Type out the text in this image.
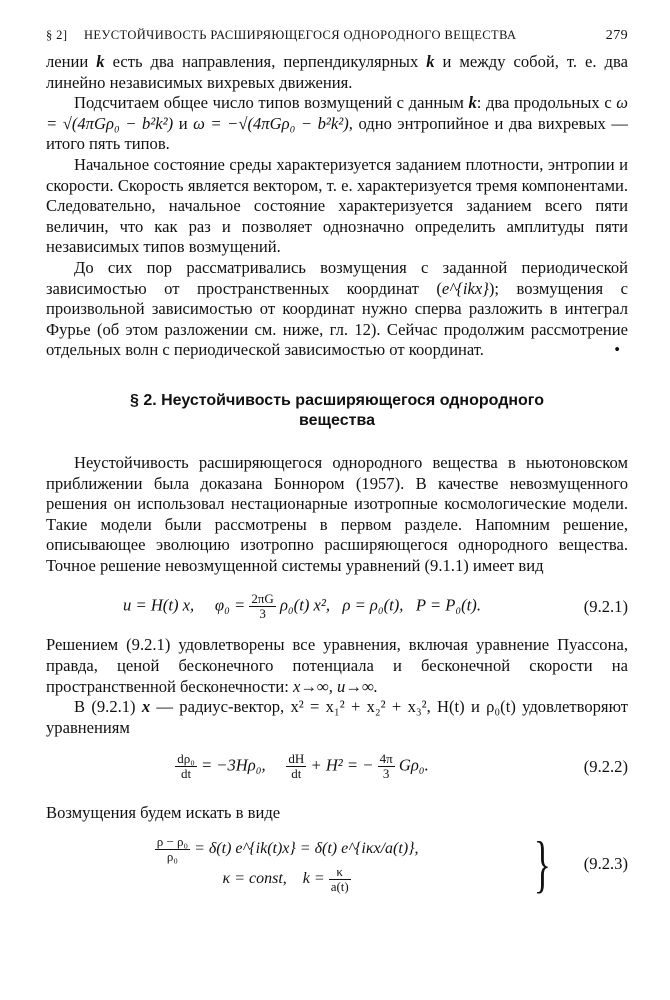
§ 2]	НЕУСТОЙЧИВОСТЬ РАСШИРЯЮЩЕГОСЯ ОДНОРОДНОГО ВЕЩЕСТВА	279

лении k есть два направления, перпендикулярных k и между собой, т. е. два линейно независимых вихревых движения.

Подсчитаем общее число типов возмущений с данным k: два продольных с ω = √(4πGρ₀ − b²k²) и ω = −√(4πGρ₀ − b²k²), одно энтропийное и два вихревых — итого пять типов.

Начальное состояние среды характеризуется заданием плотности, энтропии и скорости. Скорость является вектором, т. е. характеризуется тремя компонентами. Следовательно, начальное состояние характеризуется заданием всего пяти величин, что как раз и позволяет однозначно определить амплитуды пяти независимых типов возмущений.

До сих пор рассматривались возмущения с заданной периодической зависимостью от пространственных координат (e^{ikx}); возмущения с произвольной зависимостью от координат нужно сперва разложить в интеграл Фурье (об этом разложении см. ниже, гл. 12). Сейчас продолжим рассмотрение отдельных волн с периодической зависимостью от координат.	•

§ 2. Неустойчивость расширяющегося однородного
вещества

Неустойчивость расширяющегося однородного вещества в ньютоновском приближении была доказана Боннором (1957). В качестве невозмущенного решения он использовал нестационарные изотропные космологические модели. Такие модели были рассмотрены в первом разделе. Напомним решение, описывающее эволюцию изотропно расширяющегося однородного вещества. Точное решение невозмущенной системы уравнений (9.1.1) имеет вид

u = H(t) x, $\varphi_0 = \frac{2\pi G}{3} \rho_0(t)$ x², ρ = ρ₀(t), P = P₀(t).	(9.2.1)

Решением (9.2.1) удовлетворены все уравнения, включая уравнение Пуассона, правда, ценой бесконечного потенциала и бесконечной скорости на пространственной бесконечности: x→∞, u→∞.

В (9.2.1) x — радиус-вектор, x² = x₁² + x₂² + x₃², H(t) и ρ₀(t) удовлетворяют уравнениям

$\frac{\text{dρ₀}}{dt} = -3H\rho_0$, $\frac{dH}{dt} + H^2$ = − $\frac{4\pi}{3} G\rho_0$.	(9.2.2)

Возмущения будем искать в виде

$\frac{\text{ρ − ρ₀}}{\text{ρ₀}} = \delta(t)$ e^{ik(t)x} = δ(t) e^{iκx/a(t)},
κ = const, $k = \frac{\kappa}{a(t)}$	}	(9.2.3)
